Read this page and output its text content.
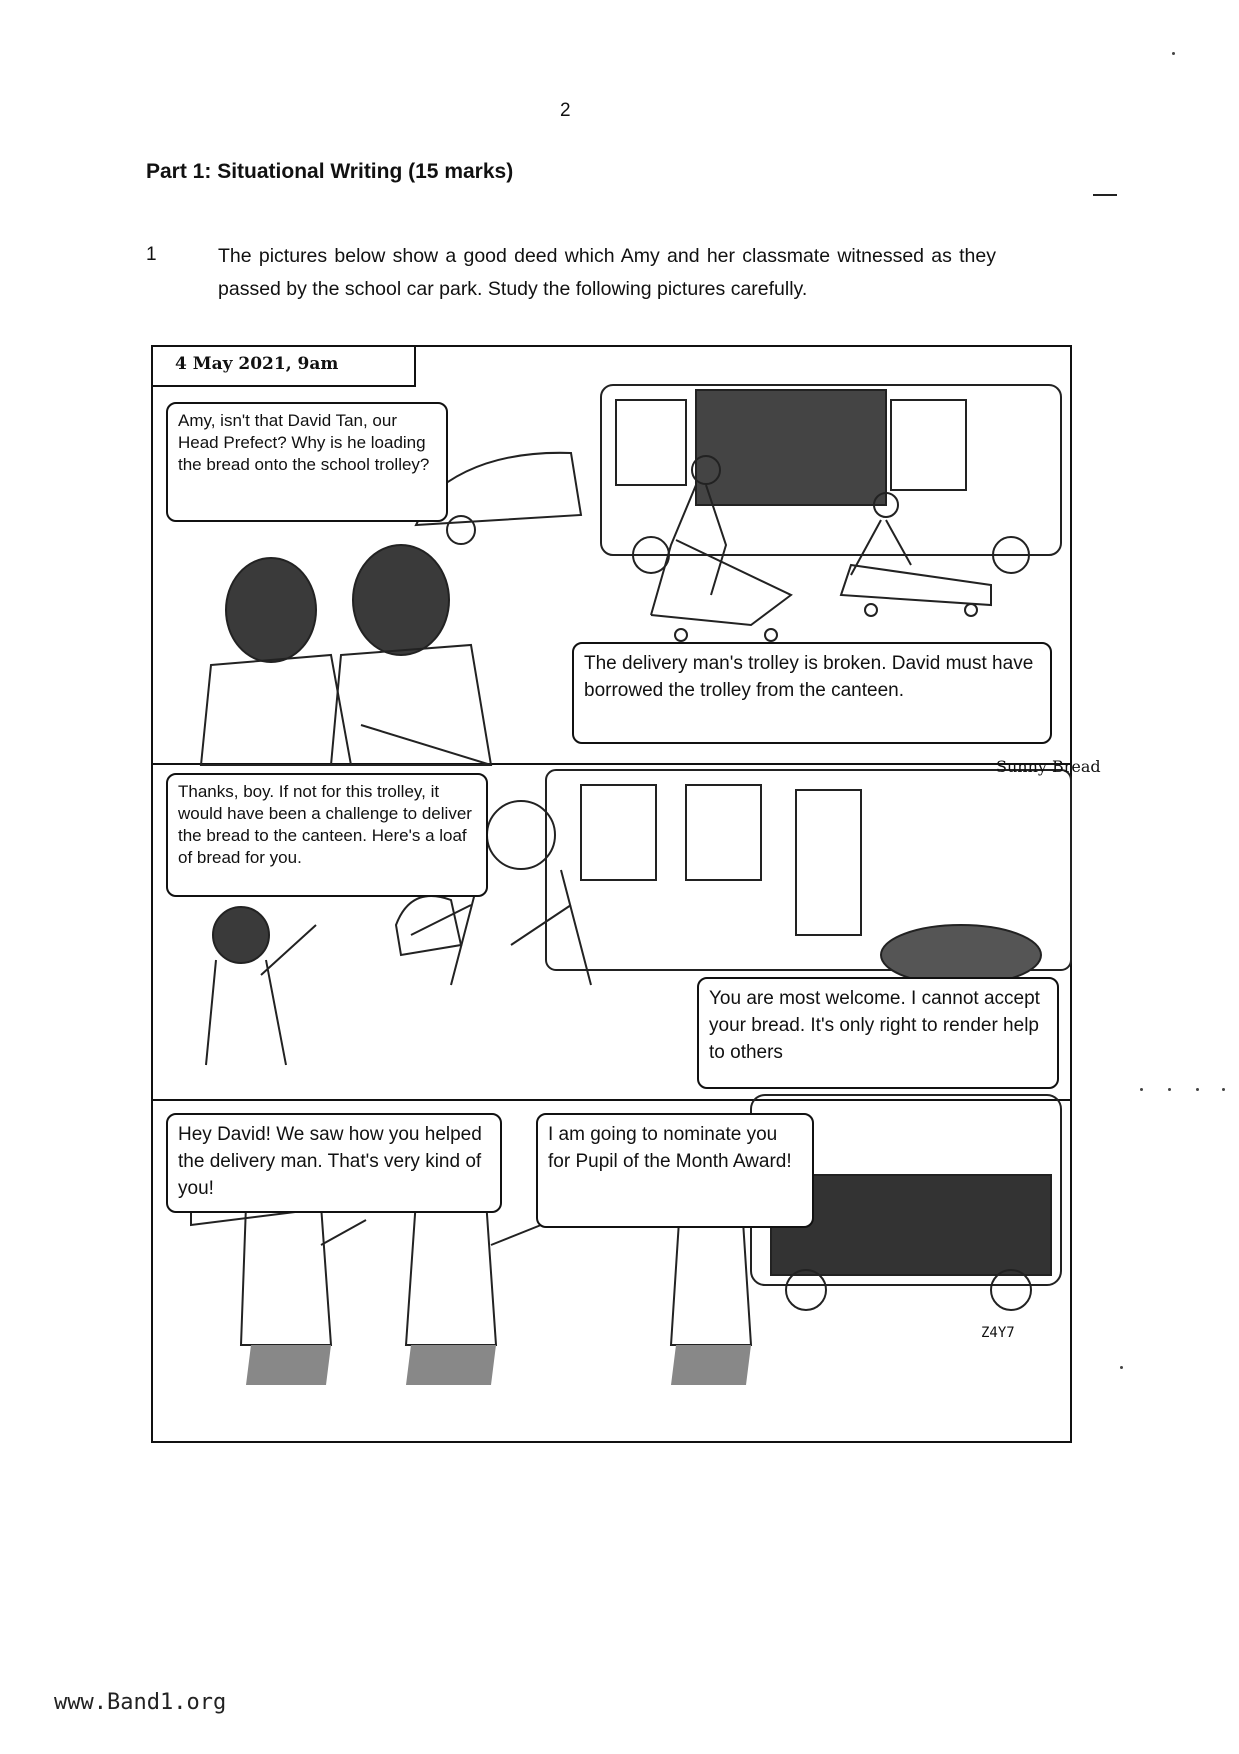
2
Part 1: Situational Writing (15 marks)
1	The pictures below show a good deed which Amy and her classmate witnessed as they passed by the school car park. Study the following pictures carefully.
Sunny Bread
Z4Y7
4 May 2021, 9am
Amy, isn't that David Tan, our Head Prefect? Why is he loading the bread onto the school trolley?
The delivery man's trolley is broken. David must have borrowed the trolley from the canteen.
Thanks, boy. If not for this trolley, it would have been a challenge to deliver the bread to the canteen. Here's a loaf of bread for you.
You are most welcome. I cannot accept your bread. It's only right to render help to others
Hey David! We saw how you helped the delivery man. That's very kind of you!
I am going to nominate you for Pupil of the Month Award!
www.Band1.org
